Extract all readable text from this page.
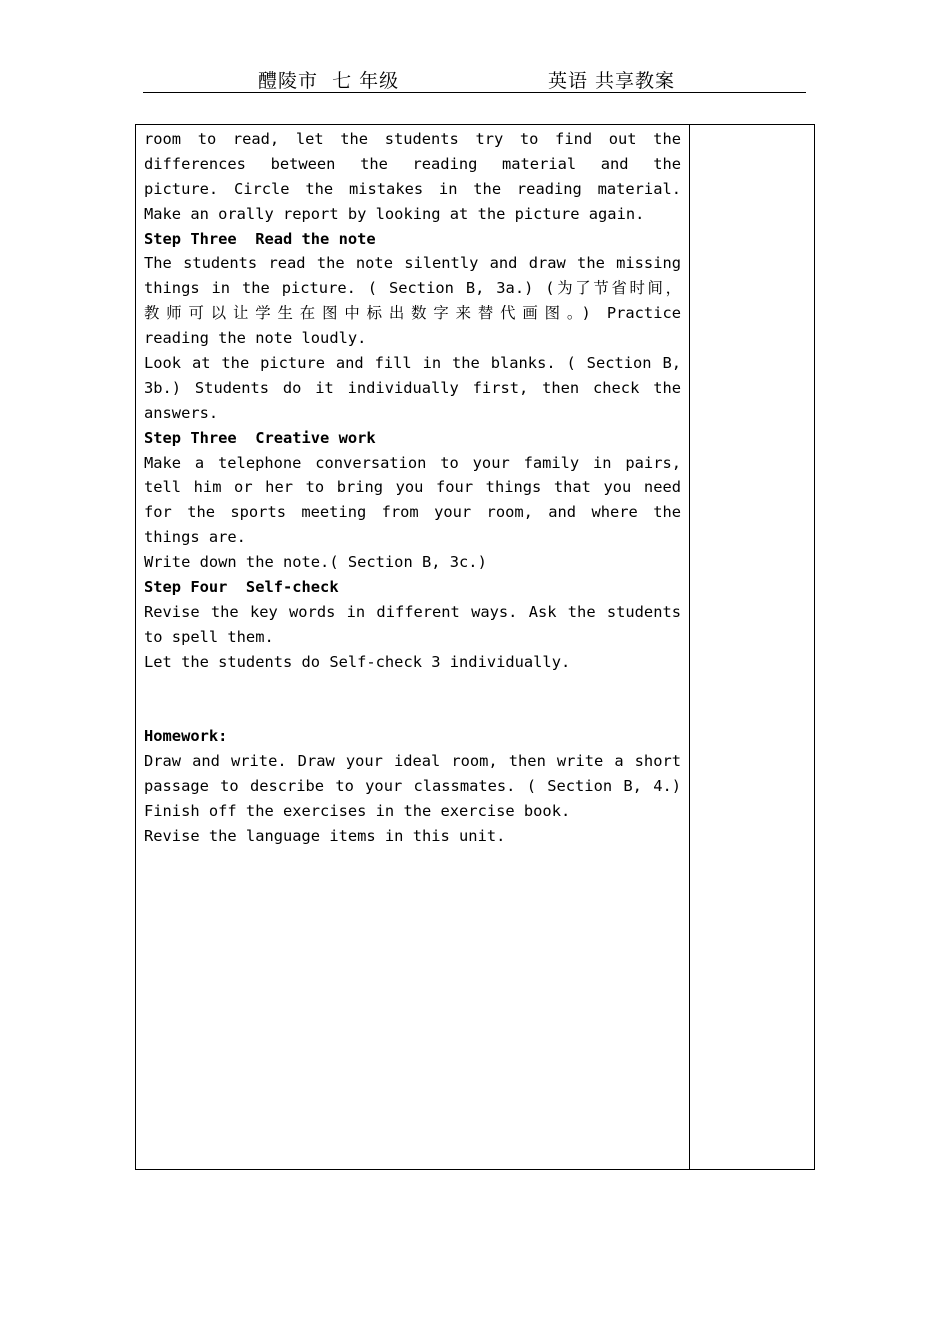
醴陵市  七 年级	英语 共享教案
room to read, let the students try to find out the
differences between the reading material and the
picture. Circle the mistakes in the reading material.
Make an orally report by looking at the picture again.
Step Three  Read the note
The students read the note silently and draw the missing
things in the picture. ( Section B, 3a.) (为了节省时间，
教师可以让学生在图中标出数字来替代画图。) Practice
reading the note loudly.
Look at the picture and fill in the blanks. ( Section B,
3b.) Students do it individually first, then check the
answers.
Step Three  Creative work
Make a telephone conversation to your family in pairs,
tell him or her to bring you four things that you need
for the sports meeting from your room, and where the
things are.
Write down the note.( Section B, 3c.)
Step Four  Self-check
Revise the key words in different ways. Ask the students
to spell them.
Let the students do Self-check 3 individually.
Homework:
Draw and write. Draw your ideal room, then write a short
passage to describe to your classmates. ( Section B, 4.)
Finish off the exercises in the exercise book.
Revise the language items in this unit.
